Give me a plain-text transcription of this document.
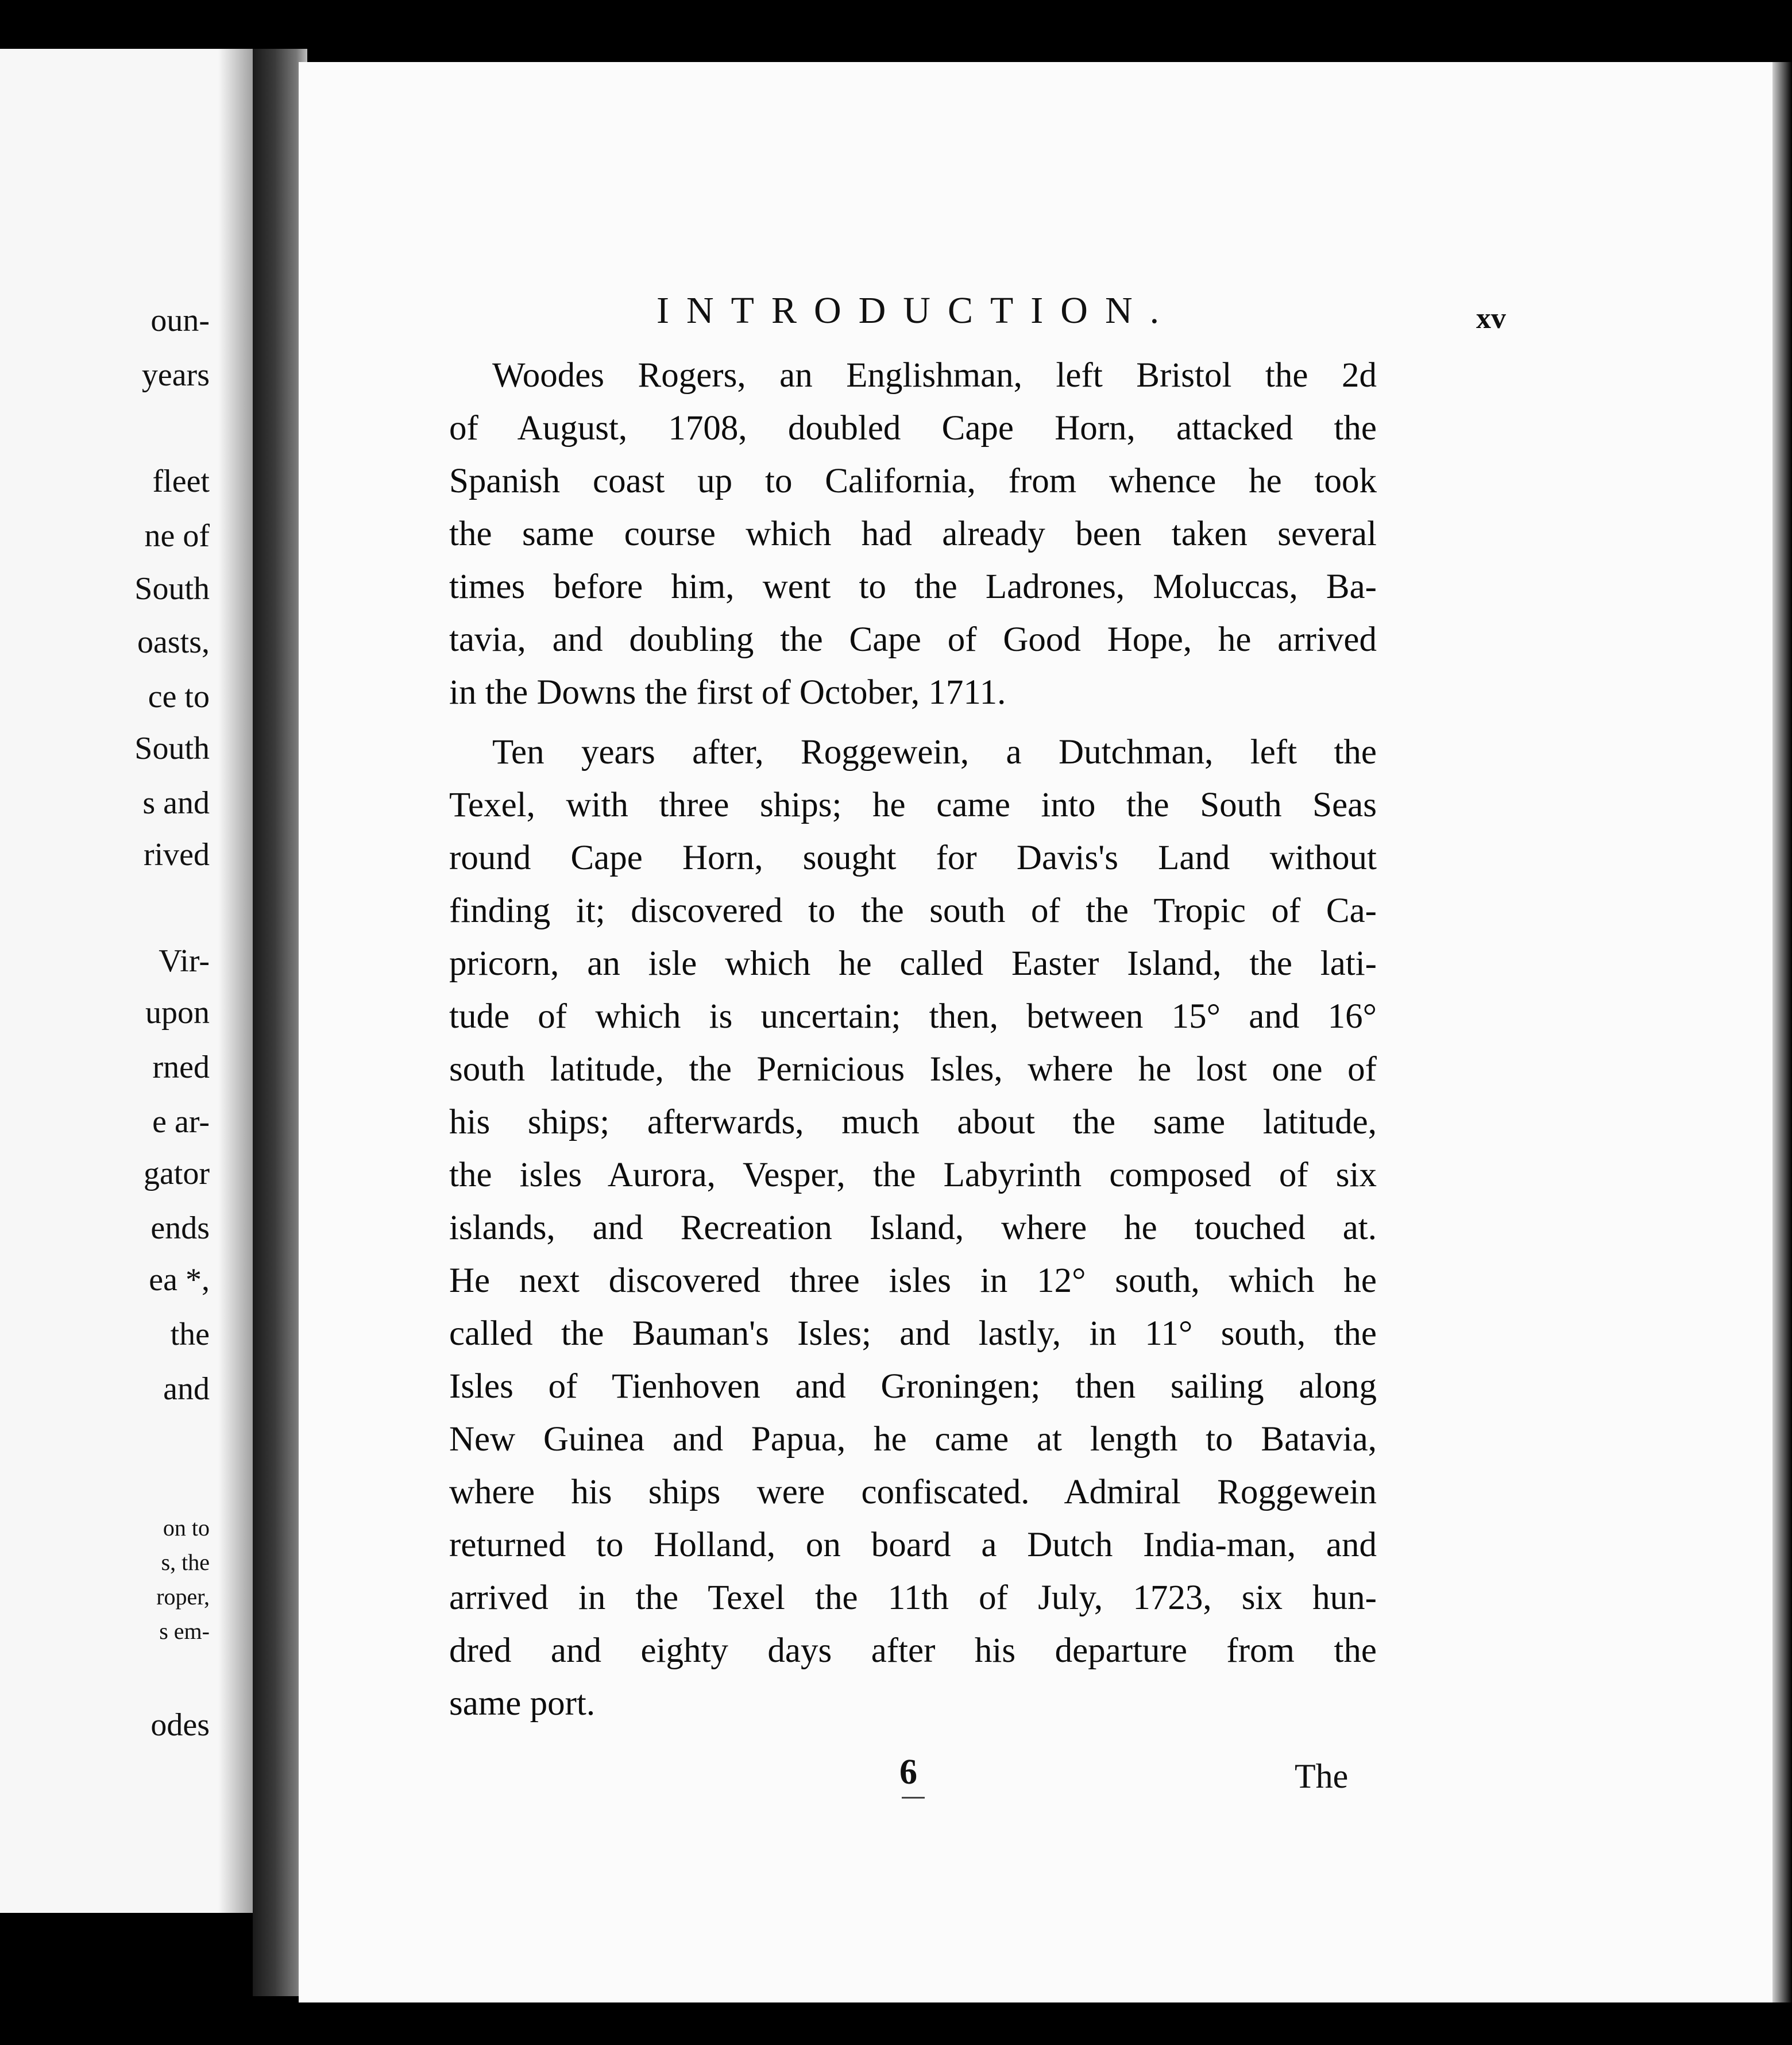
oun-
years
fleet
ne of
South
oasts,
ce to
South
s and
rived
Vir-
upon
rned
e ar-
gator
ends
ea *,
the
and
on to
s, the
roper,
s em-
odes
INTRODUCTION.	xv
Woodes Rogers, an Englishman, left Bristol the 2d
of August, 1708, doubled Cape Horn, attacked the
Spanish coast up to California, from whence he took
the same course which had already been taken several
times before him, went to the Ladrones, Moluccas, Ba-
tavia, and doubling the Cape of Good Hope, he arrived
in the Downs the first of October, 1711.
Ten years after, Roggewein, a Dutchman, left the
Texel, with three ships; he came into the South Seas
round Cape Horn, sought for Davis's Land without
finding it; discovered to the south of the Tropic of Ca-
pricorn, an isle which he called Easter Island, the lati-
tude of which is uncertain; then, between 15° and 16°
south latitude, the Pernicious Isles, where he lost one of
his ships; afterwards, much about the same latitude,
the isles Aurora, Vesper, the Labyrinth composed of six
islands, and Recreation Island, where he touched at.
He next discovered three isles in 12° south, which he
called the Bauman's Isles; and lastly, in 11° south, the
Isles of Tienhoven and Groningen; then sailing along
New Guinea and Papua, he came at length to Batavia,
where his ships were confiscated. Admiral Roggewein
returned to Holland, on board a Dutch India-man, and
arrived in the Texel the 11th of July, 1723, six hun-
dred and eighty days after his departure from the
same port.
6	The
